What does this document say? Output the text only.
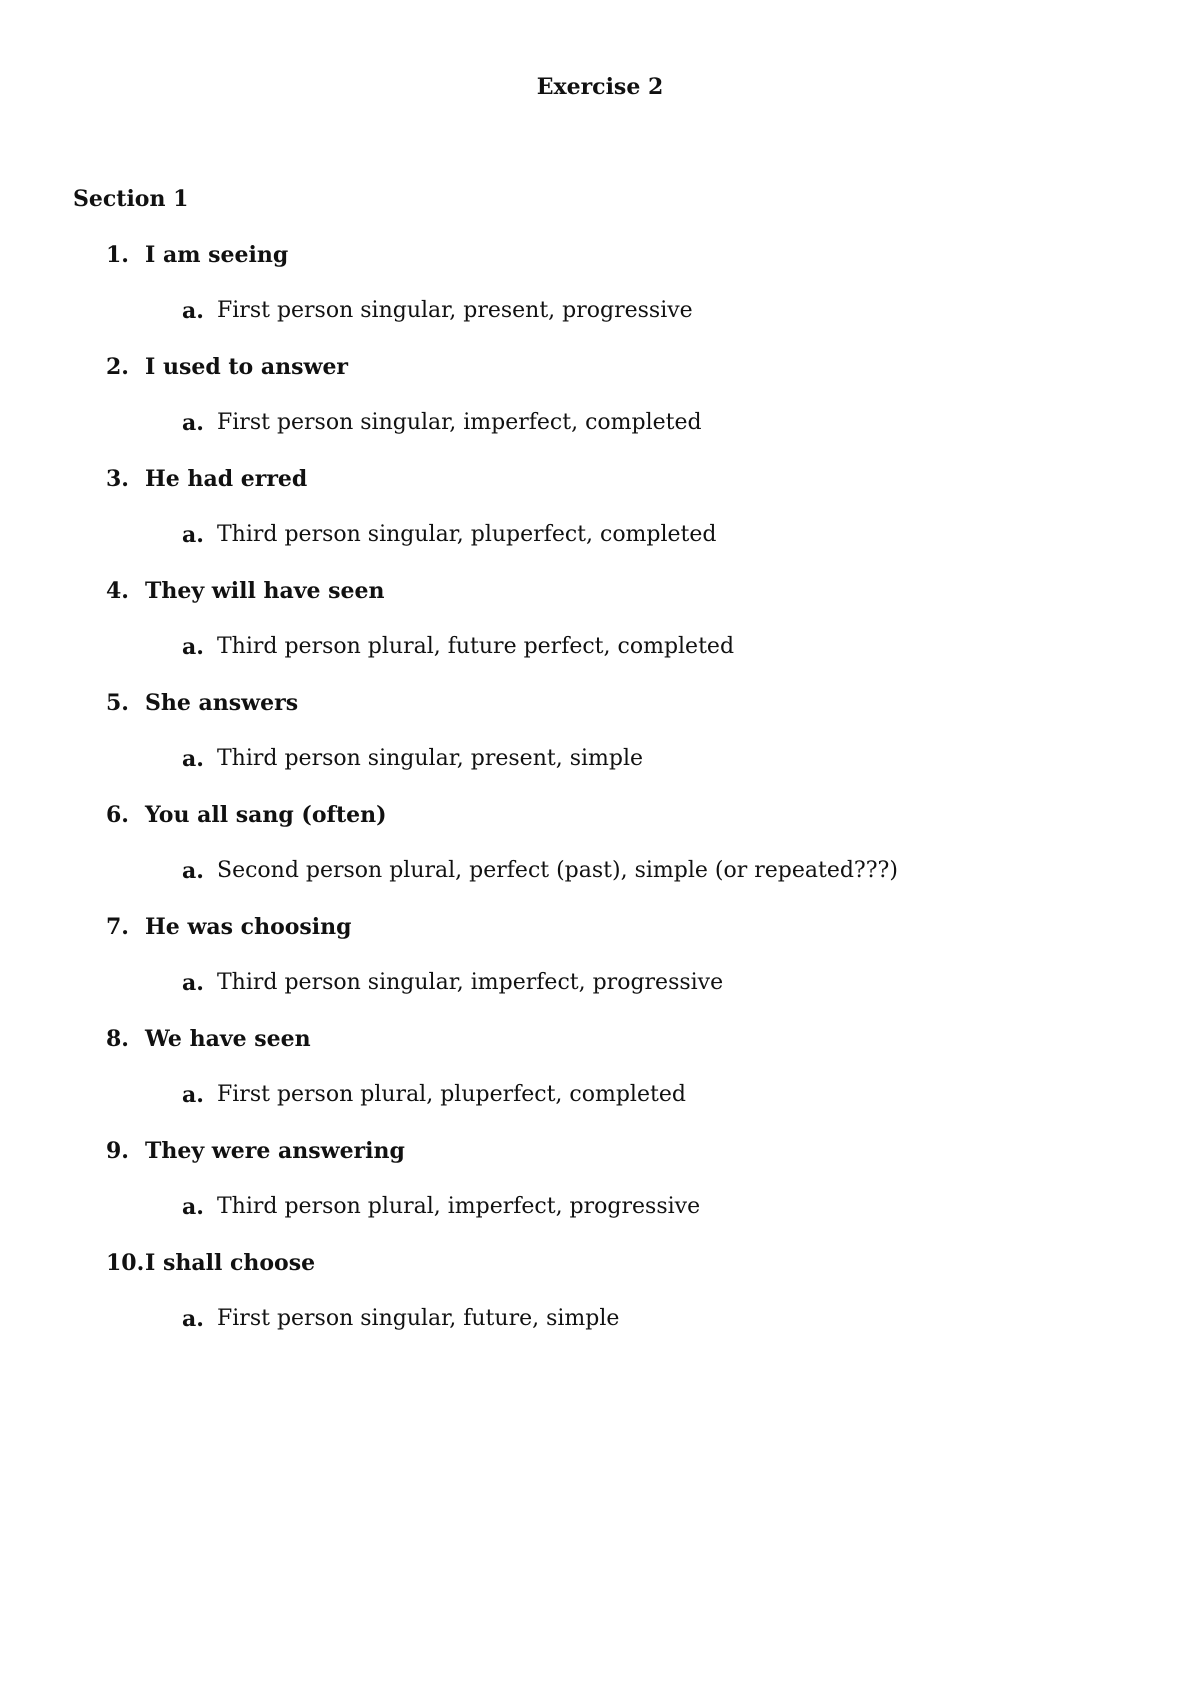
Exercise 2
Section 1
1. I am seeing
a. First person singular, present, progressive
2. I used to answer
a. First person singular, imperfect, completed
3. He had erred
a. Third person singular, pluperfect, completed
4. They will have seen
a. Third person plural, future perfect, completed
5. She answers
a. Third person singular, present, simple
6. You all sang (often)
a. Second person plural, perfect (past), simple (or repeated???)
7. He was choosing
a. Third person singular, imperfect, progressive
8. We have seen
a. First person plural, pluperfect, completed
9. They were answering
a. Third person plural, imperfect, progressive
10. I shall choose
a. First person singular, future, simple
